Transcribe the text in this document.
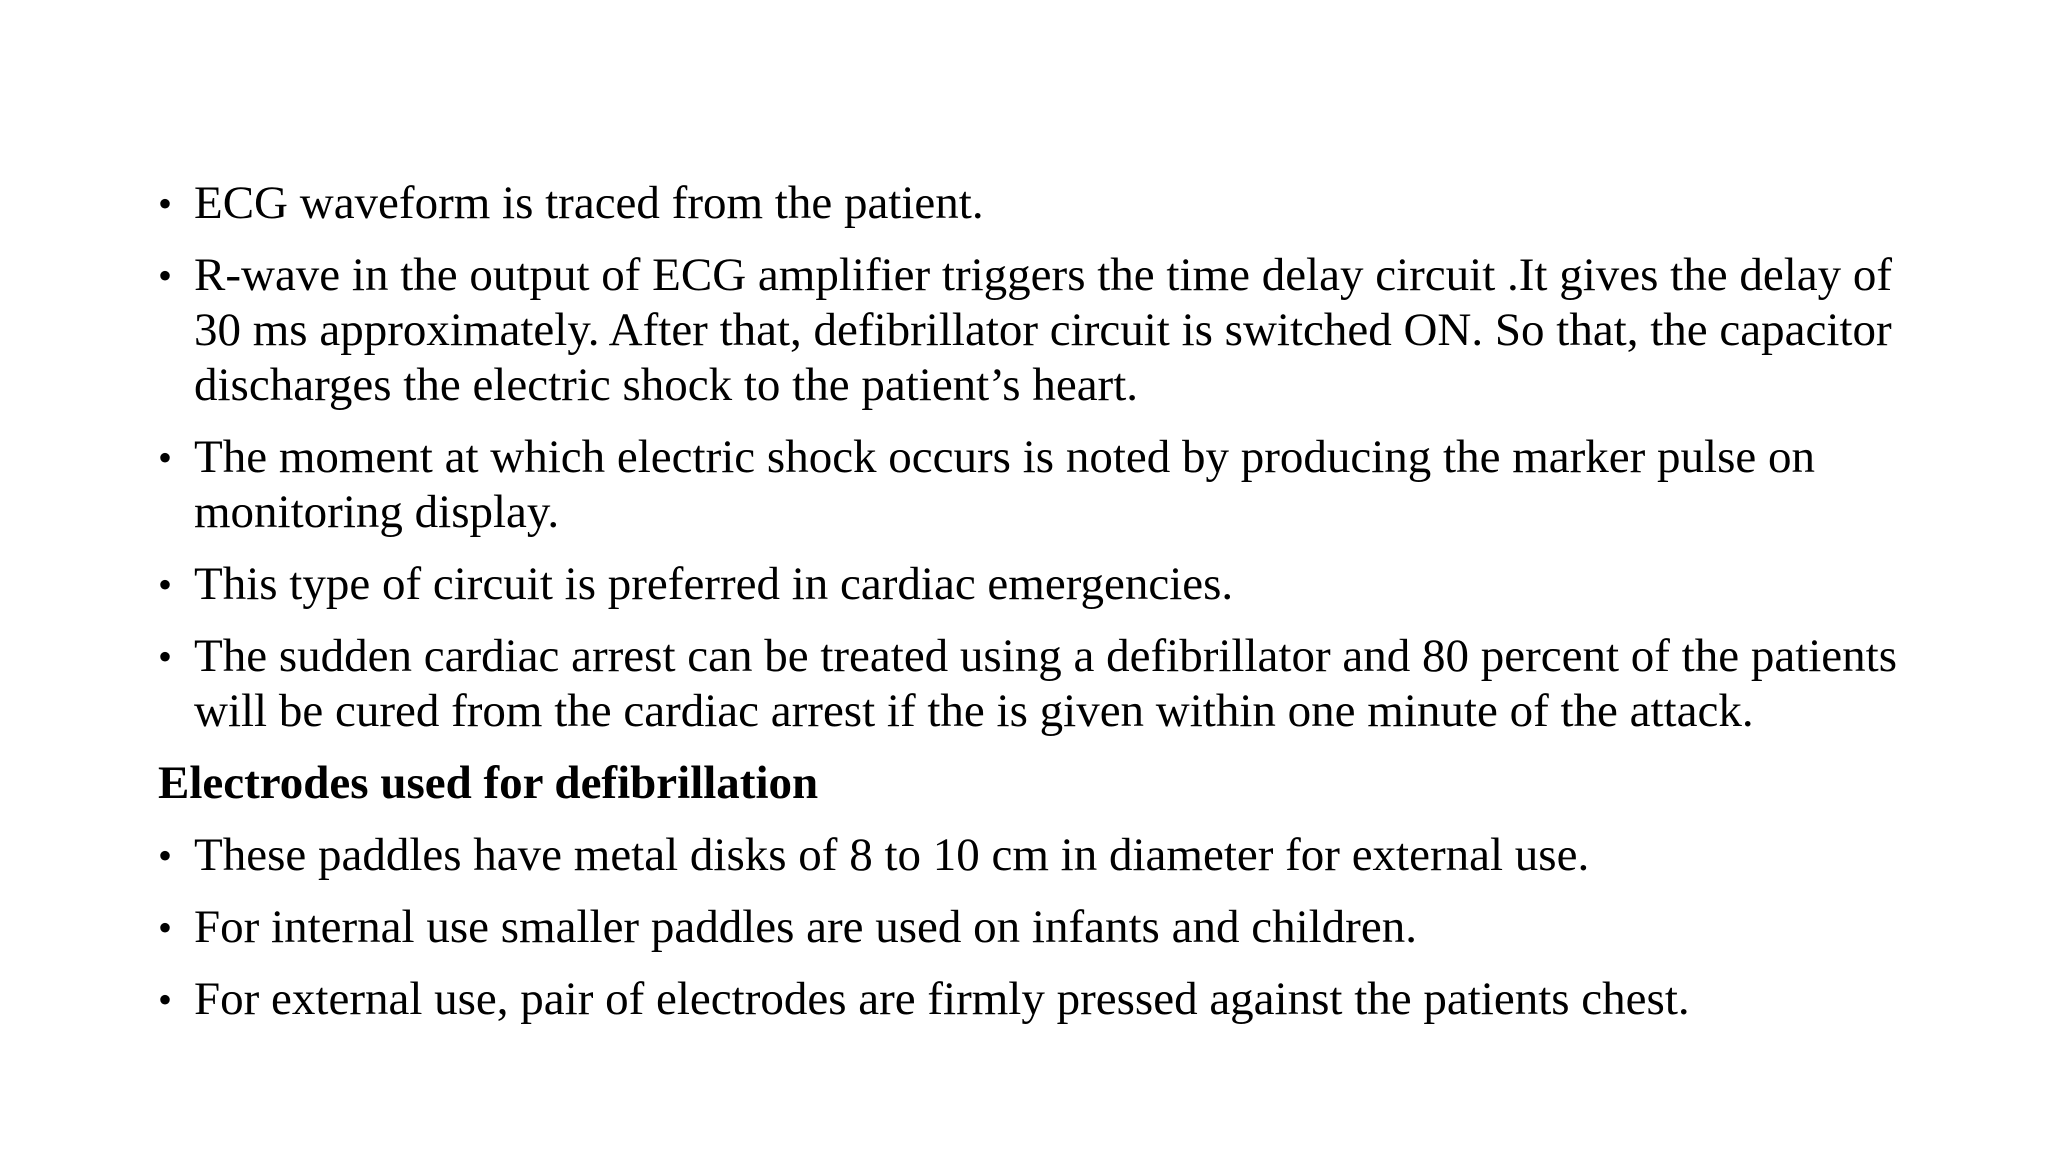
• ECG waveform is traced from the patient.
• R-wave in the output of ECG amplifier triggers the time delay circuit .It gives the delay of 30 ms approximately. After that, defibrillator circuit is switched ON. So that, the capacitor discharges the electric shock to the patient’s heart.
• The moment at which electric shock occurs is noted by producing the marker pulse on monitoring display.
• This type of circuit is preferred in cardiac emergencies.
• The sudden cardiac arrest can be treated using a defibrillator and 80 percent of the patients will be cured from the cardiac arrest if the is given within one minute of the attack.
Electrodes used for defibrillation
• These paddles have metal disks of 8 to 10 cm in diameter for external use.
• For internal use smaller paddles are used on infants and children.
• For external use, pair of electrodes are firmly pressed against the patients chest.
